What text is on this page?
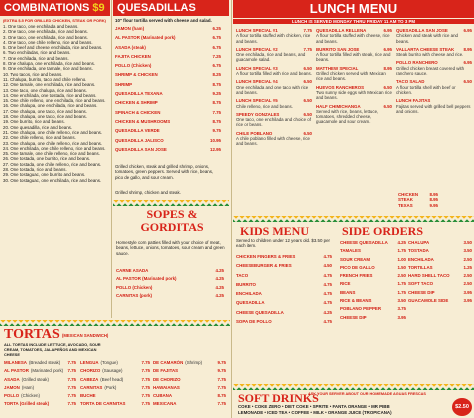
COMBINATIONS $9
(EXTRA $.5 FOR GRILLED CHICKEN, STEAK OR PORK)
1. One taco, one enchilada and beans.
2. One taco, one enchilada, rice and beans.
3. One taco, one enchilada, rice and beans.
4. One taco, one chile relleno, rice and beans.
5. One beef and cheese enchilada, rice and beans.
6. Two enchiladas, rice and beans.
7. One enchilada, rice and beans.
8. One chalupa, one enchilada, rice and beans.
9. One enchilada, one tamale, rice and beans.
10. Two tacos, rice and beans.
11. Chalupa, burrito, taco and chile relleno.
12. One tamale, one enchilada, rice and beans.
13. One taco, one chalupa, rice and beans.
14. One enchilada, one tostada, rice and beans.
15. One chile relleno, one enchilada, rice and beans.
16. One chalupa, one enchilada, rice and beans.
17. One chalupa, one taco, rice and beans.
18. One chalupa, one taco, rice and beans.
19. One burrito, rice and beans.
20. One quesadilla, rice and beans.
21. One chalupa, one chile relleno, rice and beans.
22. One chile relleno, rice and beans.
23. One chalupa, one chile relleno, rice and beans.
24. One enchilada, one chile relleno, rice and beans.
25. One tamale, one chile relleno, rice and beans.
26. One tostada, one burrito, rice and beans.
27. One tostada, one chile relleno, rice and beans.
28. One tostada, rice and beans.
29. One tostaguac, one burrito and beans.
30. One tostaguac, one enchilada, rice and beans.
TORTAS (MEXICAN SANDWICH)
ALL TORTAS INCLUDE LETTUCE, AVOCADO, SOUR CREAM, TOMATOES, JALAPEÑOS AND MEXICAN CHEESE
MILANESA (Breaded steak)	7.75
AL PASTOR (Marinated pork) 7.75
ASADA (Grilled steak)	7.75
JAMON (Ham)	7.75
POLLO (Chicken)	7.75
TORTA (Grilled steak)	7.75
LENGUA (Tongue)	7.75
CHORIZO (Sausage)	7.75
CABEZA (Beef head)	7.75
CARNITAS (Pork)	7.75
BUCHE	7.75
TORTA DE CARNITAS	7.75
DE CAMARÓN (Shrimp)	9.75
DE FAJITAS	9.75
DE CHORIZO	7.75
HAWAIANAS	7.75
CUBANA	8.75
MEXICANA	7.75
QUESADILLAS
10" flour tortilla served with cheese and salad.
JAMON (ham)	6.25
AL PASTOR (Marinated pork)	6.75
ASADA (steak)	6.75
FAJITA CHICKEN	7.25
POLLO (Chicken)	6.75
SHRIMP & CHICKEN	8.25
SHRIMP	8.75
QUESADILLA TEXANA	9.25
CHICKEN & SHRIMP	8.75
SPINACH & CHICKEN	7.75
CHICKEN & MUSHROOMS	8.75
QUESADILLA VERDE	9.75
QUESADILLA JALISCO	10.95
QUESADILLA SAN JOSE	12.95
Grilled chicken, steak and grilled shrimp, onions, tomatoes, green peppers. Served with rice, beans, pico de gallo, and sour cream.
Grilled shrimp, chicken and steak.
SOPES & GORDITAS
Homestyle corn patties filled with your choice of meat, beans, lettuce, onions, tomatoes, sour cream and green sauce.
CARNE ASADA	4.25
AL PASTOR (Marinated pork)	4.25
POLLO (Chicken)	4.25
CARNITAS (pork)	4.25
LUNCH MENU
LUNCH IS SERVED MONDAY THRU FRIDAY 11 AM TO 3 PM
LUNCH SPECIAL #1	7.75
A flour tortilla stuffed with chicken, rice and beans.
LUNCH SPECIAL #2	7.75
One enchilada, rice and beans, and guacamole salad.
LUNCH SPECIAL #3	6.50
A flour tortilla filled with rice and beans.
LUNCH SPECIAL #4	6.50
One enchilada and one taco with rice and beans.
LUNCH SPECIAL #5	6.50
Chile relleno, rice and beans.
SPEEDY GONZALES	6.50
One taco, one enchilada and choice of rice or beans.
CHILE POBLANO	6.50
A chile poblano filled with cheese, rice and beans.
QUESADILLA RELLENA	6.95
A flour tortilla stuffed with cheese, rice and beans.
BURRITO SAN JOSE	6.95
A flour tortilla filled with steak, rice and beans.
MATTHEW SPECIAL	8.95
Grilled chicken served with Mexican rice and beans.
HUEVOS RANCHEROS	6.50
Two sunny side eggs with Mexican rice and beans.
HALF CHIMICHANGA	6.50
Served with rice, beans, lettuce, tomatoes, shredded cheese, guacamole and sour cream.
QUESADILLA SAN JOSE	6.95
Chicken and steak with rice and beans.
VALLARTA CHEESE STEAK	8.95
Steak burrito with cheese and rice.
POLLO RANCHERO	6.95
Grilled chicken breast covered with ranchero sauce.
TACO SALAD	6.50
A flour tortilla shell with beef or chicken.
LUNCH FAJITAS
Fajitas served with grilled bell peppers and onions.
CHICKEN	8.95
STEAK	8.95
TEXAS	9.95
KIDS MENU
Served to children under 12 years old. $3.50 per each item.
CHICKEN FINGERS & FRIES	4.75
CHEESEBURGER & FRIES	4.50
TACO	4.75
BURRITO	4.75
ENCHILADA	4.75
QUESADILLA	4.75
CHEESE QUESADILLA	4.25
SOPA DE POLLO	4.75
SIDE ORDERS
CHEESE QUESADILLA	4.25
TAMALES	1.75
SOUR CREAM	1.00
PICO DE GALLO	1.50
FRENCH FRIES	2.50
RICE	1.75
BEANS	1.75
RICE & BEANS	3.50
POBLANO PEPPER	3.75
CHEESE DIP	3.95
CHALUPA	3.50
TOSTADA	3.50
ENCHILADA	2.50
TORTILLAS	1.25
HARD SHELL TACO	2.50
SOFT TACO	2.50
CHEESE DIP	3.95
GUACAMOLE SIDE	3.95
SOFT DRINKS
ASK YOUR SERVER ABOUT OUR HOMEMADE AGUAS FRESCAS
COKE • COKE ZERO • DIET COKE • SPRITE • FANTA ORANGE • MR PIBB
LEMONADE • ICED TEA • COFFEE • MILK • ORANGE JUICE (TROPICANA)
$2.50
